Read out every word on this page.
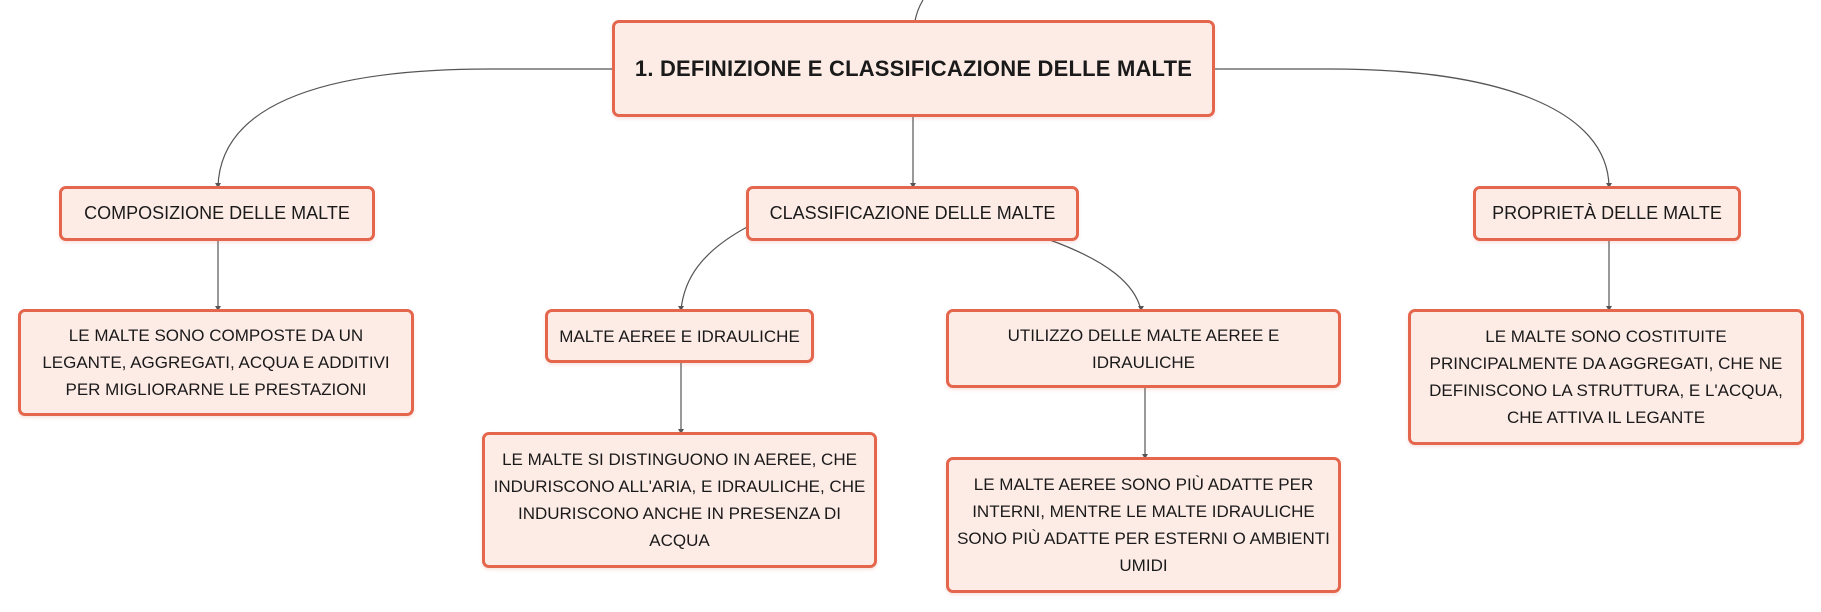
1. DEFINIZIONE E CLASSIFICAZIONE DELLE MALTE
COMPOSIZIONE DELLE MALTE	CLASSIFICAZIONE DELLE MALTE	PROPRIETÀ DELLE MALTE
LE MALTE SONO COMPOSTE DA UN LEGANTE, AGGREGATI, ACQUA E ADDITIVI PER MIGLIORARNE LE PRESTAZIONI
MALTE AEREE E IDRAULICHE	UTILIZZO DELLE MALTE AEREE E IDRAULICHE
LE MALTE SONO COSTITUITE PRINCIPALMENTE DA AGGREGATI, CHE NE DEFINISCONO LA STRUTTURA, E L'ACQUA, CHE ATTIVA IL LEGANTE
LE MALTE SI DISTINGUONO IN AEREE, CHE INDURISCONO ALL'ARIA, E IDRAULICHE, CHE INDURISCONO ANCHE IN PRESENZA DI ACQUA
LE MALTE AEREE SONO PIÙ ADATTE PER INTERNI, MENTRE LE MALTE IDRAULICHE SONO PIÙ ADATTE PER ESTERNI O AMBIENTI UMIDI
